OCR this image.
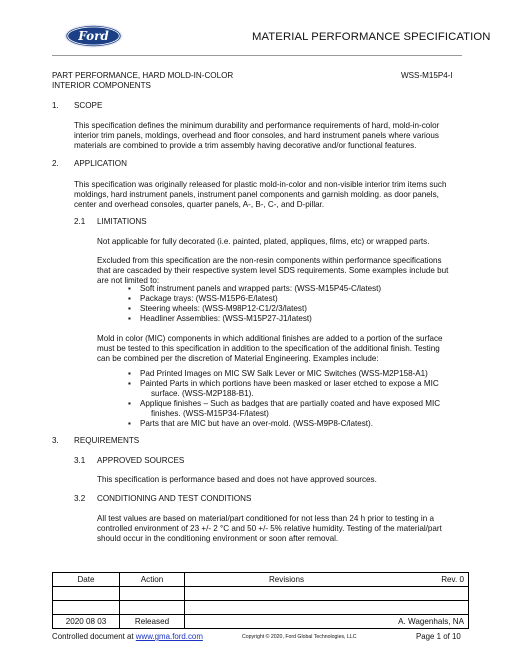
Ford	MATERIAL PERFORMANCE SPECIFICATION
PART PERFORMANCE, HARD MOLD-IN-COLOR
INTERIOR COMPONENTS
WSS-M15P4-I
1. SCOPE
This specification defines the minimum durability and performance requirements of hard, mold-in-color
interior trim panels, moldings, overhead and floor consoles, and hard instrument panels where various
materials are combined to provide a trim assembly having decorative and/or functional features.
2. APPLICATION
This specification was originally released for plastic mold-in-color and non-visible interior trim items such
moldings, hard instrument panels, instrument panel components and garnish molding. as door panels,
center and overhead consoles, quarter panels, A-, B-, C-, and D-pillar.
2.1 LIMITATIONS
Not applicable for fully decorated (i.e. painted, plated, appliques, films, etc) or wrapped parts.
Excluded from this specification are the non-resin components within performance specifications
that are cascaded by their respective system level SDS requirements. Some examples include but
are not limited to:
▪ Soft instrument panels and wrapped parts: (WSS-M15P45-C/latest)
▪ Package trays: (WSS-M15P6-E/latest)
▪ Steering wheels: (WSS-M98P12-C1/2/3/latest)
▪ Headliner Assemblies: (WSS-M15P27-J1/latest)
Mold in color (MIC) components in which additional finishes are added to a portion of the surface
must be tested to this specification in addition to the specification of the additional finish. Testing
can be combined per the discretion of Material Engineering. Examples include:
▪ Pad Printed Images on MIC SW Salk Lever or MIC Switches (WSS-M2P158-A1)
▪ Painted Parts in which portions have been masked or laser etched to expose a MIC
surface. (WSS-M2P188-B1).
▪ Applique finishes – Such as badges that are partially coated and have exposed MIC
finishes. (WSS-M15P34-F/latest)
▪ Parts that are MIC but have an over-mold. (WSS-M9P8-C/latest).
3. REQUIREMENTS
3.1 APPROVED SOURCES
This specification is performance based and does not have approved sources.
3.2 CONDITIONING AND TEST CONDITIONS
All test values are based on material/part conditioned for not less than 24 h prior to testing in a
controlled environment of 23 +/- 2 °C and 50 +/- 5% relative humidity. Testing of the material/part
should occur in the conditioning environment or soon after removal.
Date	Action	Revisions	Rev. 0

2020 08 03	Released		A. Wagenhals, NA
Controlled document at www.gma.ford.com	Copyright © 2020, Ford Global Technologies, LLC	Page 1 of 10
